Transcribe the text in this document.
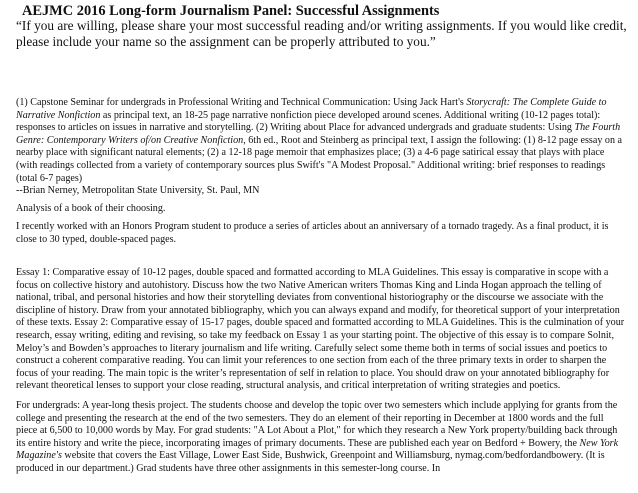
AEJMC 2016 Long-form Journalism Panel: Successful Assignments

“If you are willing, please share your most successful reading and/or writing assignments. If you would like credit, please include your name so the assignment can be properly attributed to you.”

(1) Capstone Seminar for undergrads in Professional Writing and Technical Communication: Using Jack Hart's Storycraft: The Complete Guide to Narrative Nonfiction as principal text, an 18-25 page narrative nonfiction piece developed around scenes. Additional writing (10-12 pages total): responses to articles on issues in narrative and storytelling. (2) Writing about Place for advanced undergrads and graduate students: Using The Fourth Genre: Contemporary Writers of/on Creative Nonfiction, 6th ed., Root and Steinberg as principal text, I assign the following: (1) 8-12 page essay on a nearby place with significant natural elements; (2) a 12-18 page memoir that emphasizes place; (3) a 4-6 page satirical essay that plays with place (with readings collected from a variety of contemporary sources plus Swift's "A Modest Proposal." Additional writing: brief responses to readings (total 6-7 pages)
--Brian Nerney, Metropolitan State University, St. Paul, MN

Analysis of a book of their choosing.

I recently worked with an Honors Program student to produce a series of articles about an anniversary of a tornado tragedy. As a final product, it is close to 30 typed, double-spaced pages.

Essay 1: Comparative essay of 10-12 pages, double spaced and formatted according to MLA Guidelines. This essay is comparative in scope with a focus on collective history and autohistory. Discuss how the two Native American writers Thomas King and Linda Hogan approach the telling of national, tribal, and personal histories and how their storytelling deviates from conventional historiography or the discourse we associate with the discipline of history. Draw from your annotated bibliography, which you can always expand and modify, for theoretical support of your interpretation of these texts. Essay 2: Comparative essay of 15-17 pages, double spaced and formatted according to MLA Guidelines. This is the culmination of your research, essay writing, editing and revising, so take my feedback on Essay 1 as your starting point. The objective of this essay is to compare Solnit, Meloy’s and Bowden’s approaches to literary journalism and life writing. Carefully select some theme both in terms of social issues and poetics to construct a coherent comparative reading. You can limit your references to one section from each of the three primary texts in order to sharpen the focus of your reading. The main topic is the writer’s representation of self in relation to place. You should draw on your annotated bibliography for relevant theoretical lenses to support your close reading, structural analysis, and critical interpretation of writing strategies and poetics.

For undergrads: A year-long thesis project. The students choose and develop the topic over two semesters which include applying for grants from the college and presenting the research at the end of the two semesters. They do an element of their reporting in December at 1800 words and the full piece at 6,500 to 10,000 words by May. For grad students: "A Lot About a Plot," for which they research a New York property/building back through its entire history and write the piece, incorporating images of primary documents. These are published each year on Bedford + Bowery, the New York Magazine's website that covers the East Village, Lower East Side, Bushwick, Greenpoint and Williamsburg, nymag.com/bedfordandbowery. (It is produced in our department.) Grad students have three other assignments in this semester-long course. In
